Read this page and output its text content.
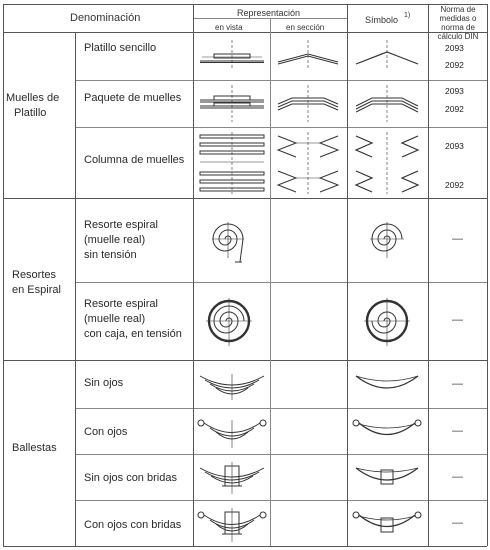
Denominación	Representación
en vista	en sección
Símbolo 1)
Norma de
medidas o
norma de
cálculo DIN
Muelles de
Platillo
Resortes
en Espiral
Ballestas
Platillo sencillo
Paquete de muelles
Columna de muelles
Resorte espiral
(muelle real)
sin tensión
Resorte espiral
(muelle real)
con caja, en tensión
Sin ojos
Con ojos
Sin ojos con bridas
Con ojos con bridas
2093
2092
2093
2092
2093
2092
—
—
—
—
—
—
